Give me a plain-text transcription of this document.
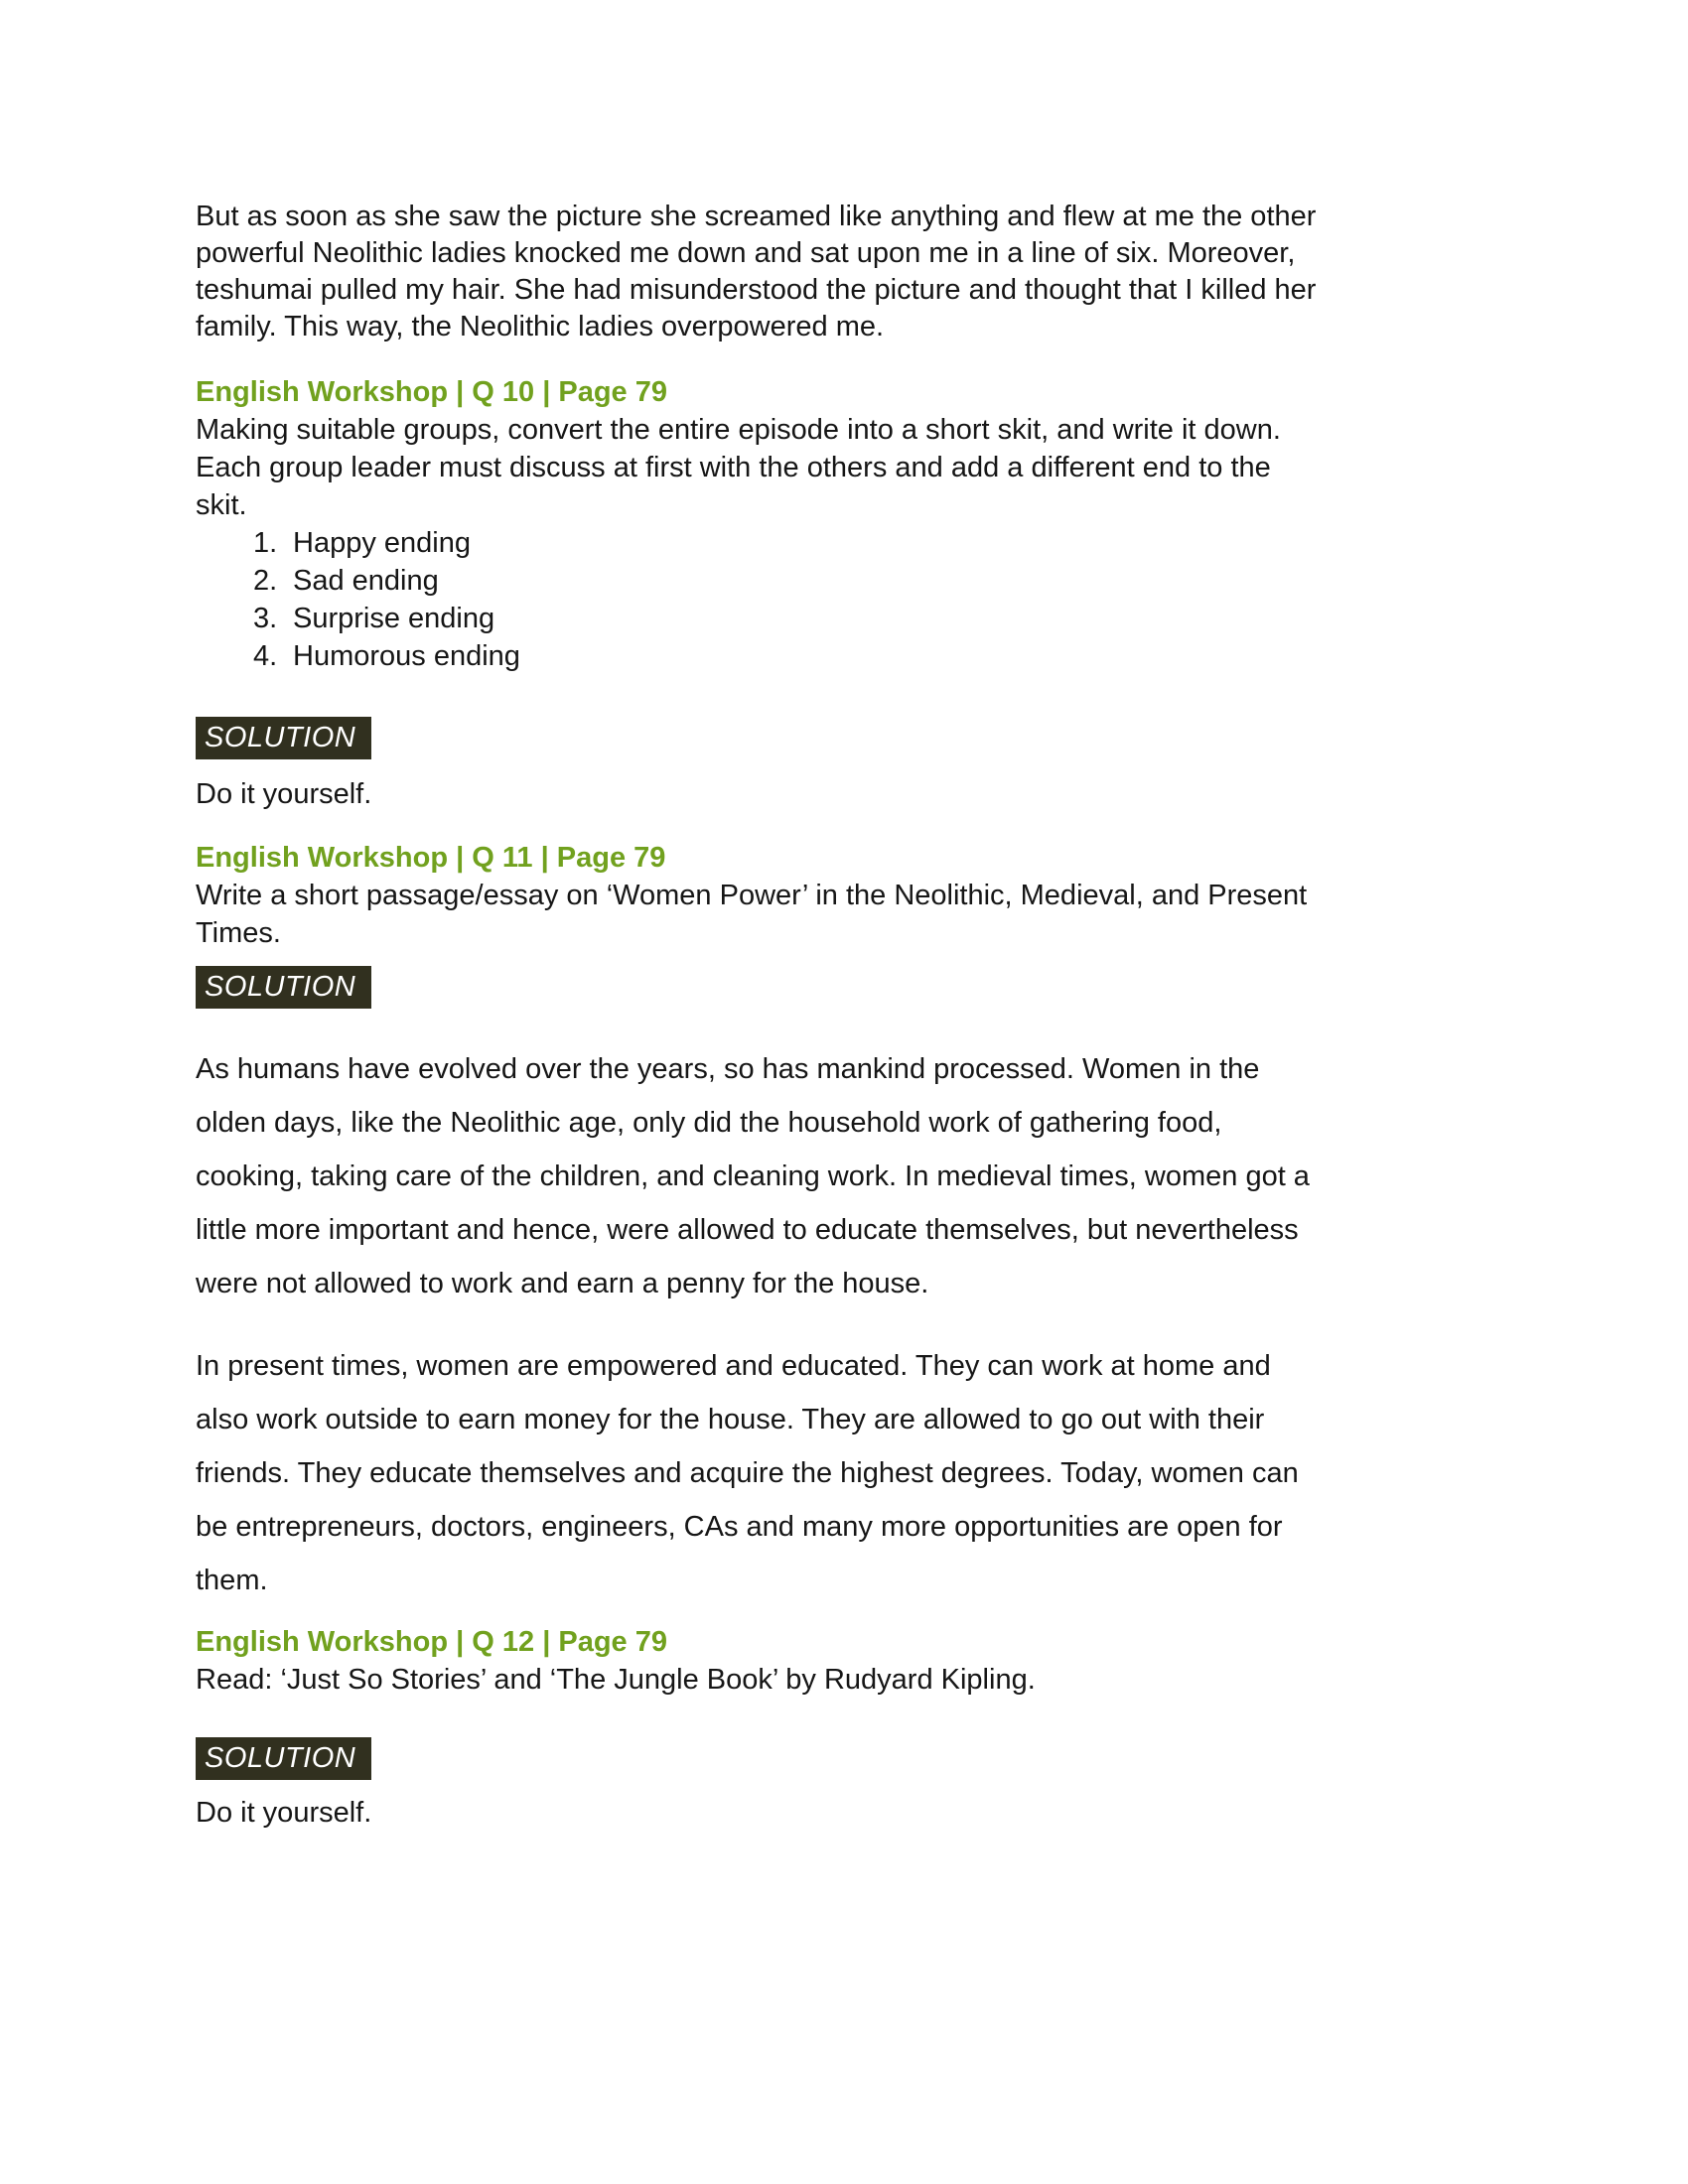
But as soon as she saw the picture she screamed like anything and flew at me the other
powerful Neolithic ladies knocked me down and sat upon me in a line of six. Moreover,
teshumai pulled my hair. She had misunderstood the picture and thought that I killed her
family. This way, the Neolithic ladies overpowered me.
English Workshop | Q 10 | Page 79
Making suitable groups, convert the entire episode into a short skit, and write it down.
Each group leader must discuss at first with the others and add a different end to the
skit.
1. Happy ending
2. Sad ending
3. Surprise ending
4. Humorous ending
SOLUTION
Do it yourself.
English Workshop | Q 11 | Page 79
Write a short passage/essay on ‘Women Power’ in the Neolithic, Medieval, and Present
Times.
SOLUTION
As humans have evolved over the years, so has mankind processed. Women in the
olden days, like the Neolithic age, only did the household work of gathering food,
cooking, taking care of the children, and cleaning work. In medieval times, women got a
little more important and hence, were allowed to educate themselves, but nevertheless
were not allowed to work and earn a penny for the house.
In present times, women are empowered and educated. They can work at home and
also work outside to earn money for the house. They are allowed to go out with their
friends. They educate themselves and acquire the highest degrees. Today, women can
be entrepreneurs, doctors, engineers, CAs and many more opportunities are open for
them.
English Workshop | Q 12 | Page 79
Read: ‘Just So Stories’ and ‘The Jungle Book’ by Rudyard Kipling.
SOLUTION
Do it yourself.
